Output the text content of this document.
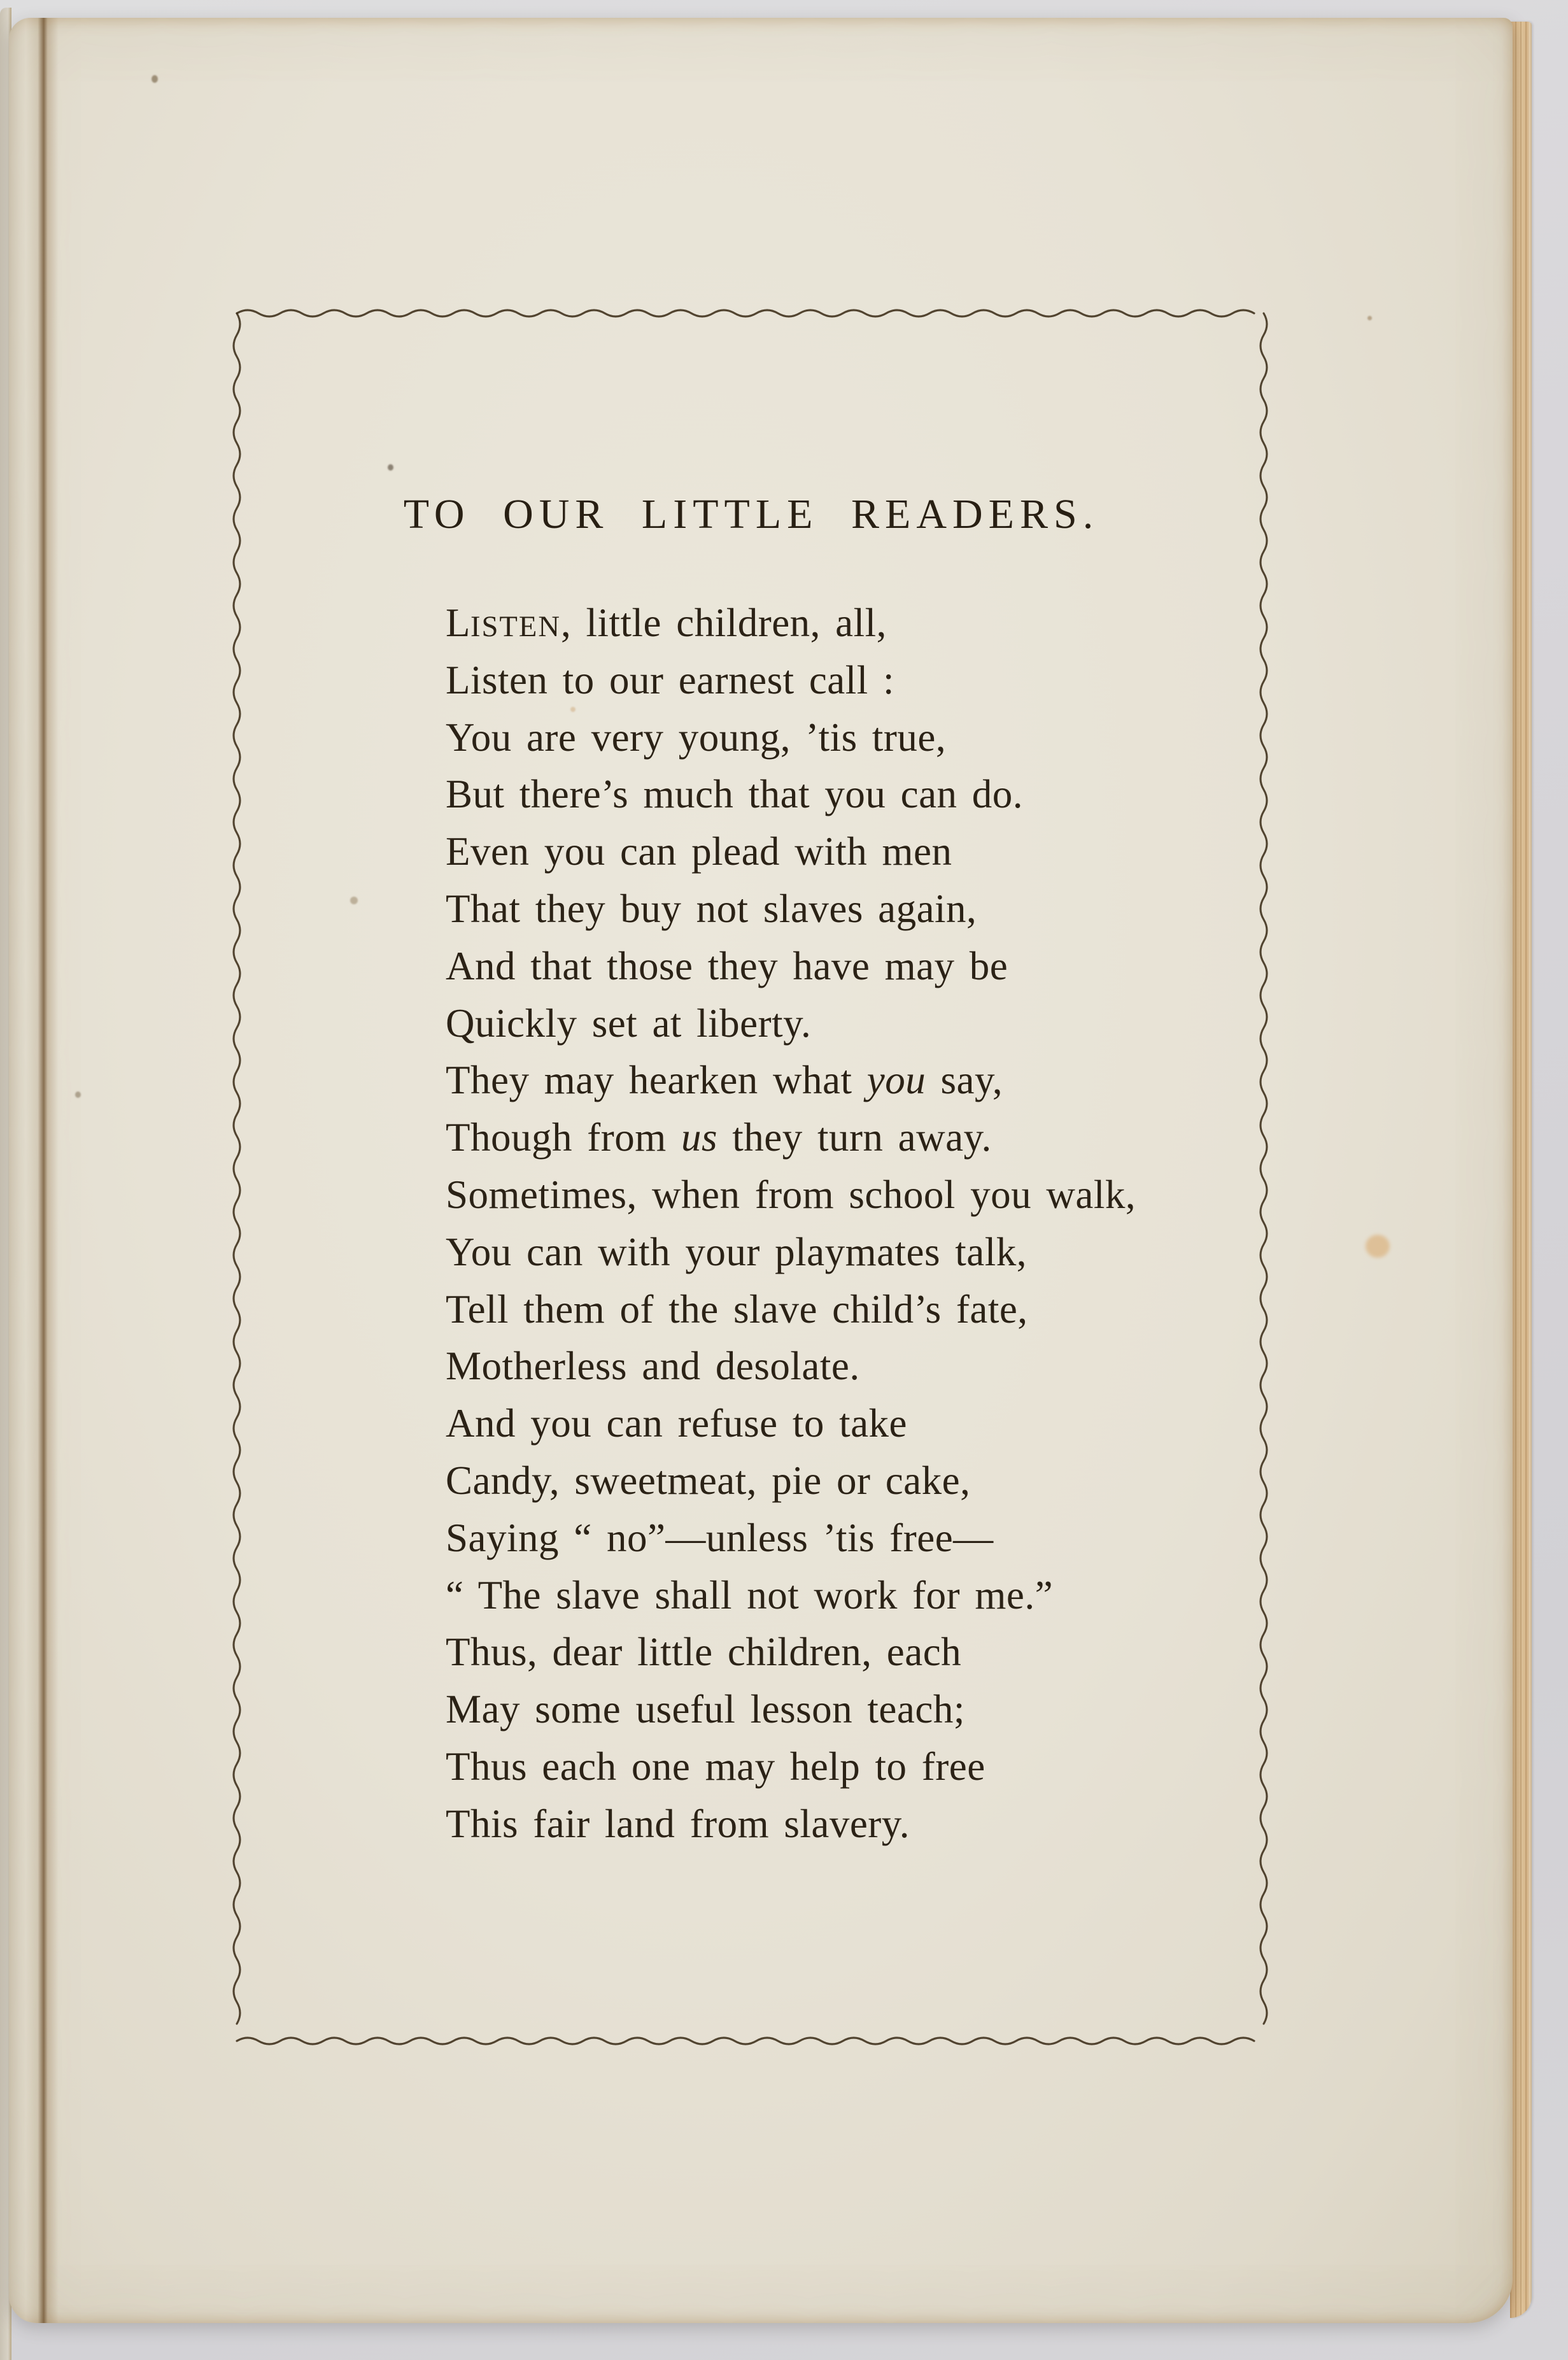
TO OUR LITTLE READERS.
LISTEN, little children, all,
Listen to our earnest call :
You are very young, ’tis true,
But there’s much that you can do.
Even you can plead with men
That they buy not slaves again,
And that those they have may be
Quickly set at liberty.
They may hearken what you say,
Though from us they turn away.
Sometimes, when from school you walk,
You can with your playmates talk,
Tell them of the slave child’s fate,
Motherless and desolate.
And you can refuse to take
Candy, sweetmeat, pie or cake,
Saying “ no”—unless ’tis free—
“ The slave shall not work for me.”
Thus, dear little children, each
May some useful lesson teach;
Thus each one may help to free
This fair land from slavery.
